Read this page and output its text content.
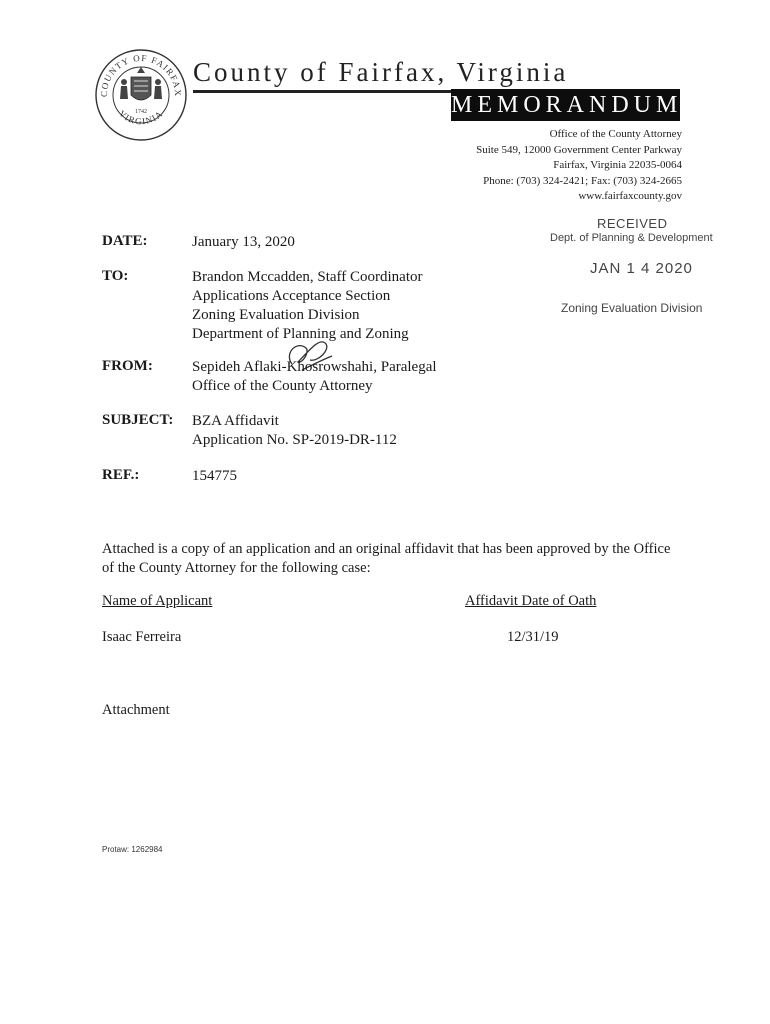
COUNTY OF FAIRFAX
VIRGINIA
1742
County of Fairfax, Virginia
MEMORANDUM
Office of the County Attorney
Suite 549, 12000 Government Center Parkway
Fairfax, Virginia 22035-0064
Phone: (703) 324-2421; Fax: (703) 324-2665
www.fairfaxcounty.gov
RECEIVED
Dept. of Planning & Development
JAN 1 4 2020
Zoning Evaluation Division
DATE:	January 13, 2020
TO:	Brandon Mccadden, Staff Coordinator
Applications Acceptance Section
Zoning Evaluation Division
Department of Planning and Zoning
FROM:	Sepideh Aflaki-Khosrowshahi, Paralegal
Office of the County Attorney
SUBJECT: BZA Affidavit
Application No. SP-2019-DR-112
REF.:	154775
Attached is a copy of an application and an original affidavit that has been approved by the Office of the County Attorney for the following case:
Name of Applicant	Affidavit Date of Oath
Isaac Ferreira	12/31/19
Attachment
Protaw: 1262984
